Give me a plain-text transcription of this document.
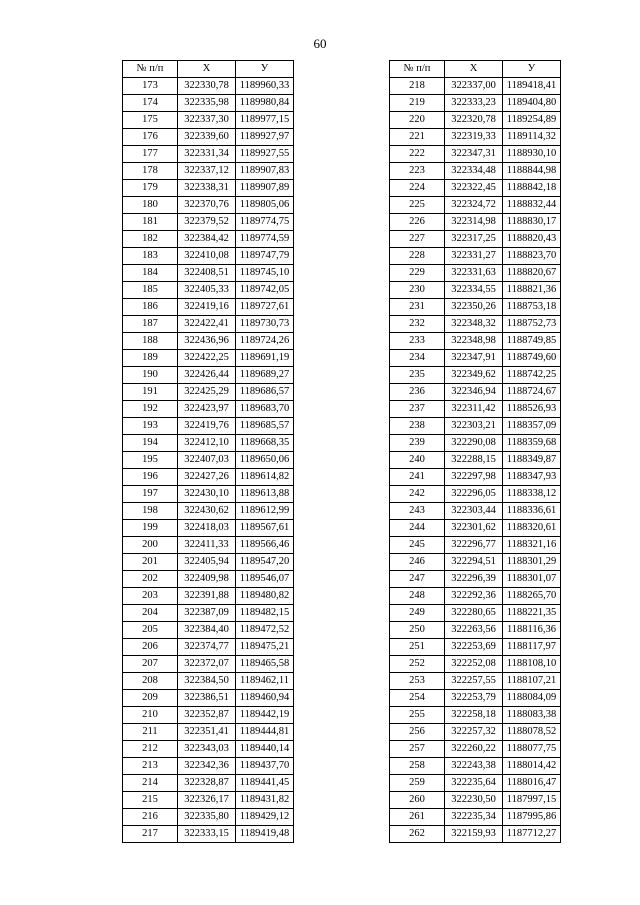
60
№ п/п	Х	У
173	322330,78	1189960,33
174	322335,98	1189980,84
175	322337,30	1189977,15
176	322339,60	1189927,97
177	322331,34	1189927,55
178	322337,12	1189907,83
179	322338,31	1189907,89
180	322370,76	1189805,06
181	322379,52	1189774,75
182	322384,42	1189774,59
183	322410,08	1189747,79
184	322408,51	1189745,10
185	322405,33	1189742,05
186	322419,16	1189727,61
187	322422,41	1189730,73
188	322436,96	1189724,26
189	322422,25	1189691,19
190	322426,44	1189689,27
191	322425,29	1189686,57
192	322423,97	1189683,70
193	322419,76	1189685,57
194	322412,10	1189668,35
195	322407,03	1189650,06
196	322427,26	1189614,82
197	322430,10	1189613,88
198	322430,62	1189612,99
199	322418,03	1189567,61
200	322411,33	1189566,46
201	322405,94	1189547,20
202	322409,98	1189546,07
203	322391,88	1189480,82
204	322387,09	1189482,15
205	322384,40	1189472,52
206	322374,77	1189475,21
207	322372,07	1189465,58
208	322384,50	1189462,11
209	322386,51	1189460,94
210	322352,87	1189442,19
211	322351,41	1189444,81
212	322343,03	1189440,14
213	322342,36	1189437,70
214	322328,87	1189441,45
215	322326,17	1189431,82
216	322335,80	1189429,12
217	322333,15	1189419,48
№ п/п	Х	У
218	322337,00	1189418,41
219	322333,23	1189404,80
220	322320,78	1189254,89
221	322319,33	1189114,32
222	322347,31	1188930,10
223	322334,48	1188844,98
224	322322,45	1188842,18
225	322324,72	1188832,44
226	322314,98	1188830,17
227	322317,25	1188820,43
228	322331,27	1188823,70
229	322331,63	1188820,67
230	322334,55	1188821,36
231	322350,26	1188753,18
232	322348,32	1188752,73
233	322348,98	1188749,85
234	322347,91	1188749,60
235	322349,62	1188742,25
236	322346,94	1188724,67
237	322311,42	1188526,93
238	322303,21	1188357,09
239	322290,08	1188359,68
240	322288,15	1188349,87
241	322297,98	1188347,93
242	322296,05	1188338,12
243	322303,44	1188336,61
244	322301,62	1188320,61
245	322296,77	1188321,16
246	322294,51	1188301,29
247	322296,39	1188301,07
248	322292,36	1188265,70
249	322280,65	1188221,35
250	322263,56	1188116,36
251	322253,69	1188117,97
252	322252,08	1188108,10
253	322257,55	1188107,21
254	322253,79	1188084,09
255	322258,18	1188083,38
256	322257,32	1188078,52
257	322260,22	1188077,75
258	322243,38	1188014,42
259	322235,64	1188016,47
260	322230,50	1187997,15
261	322235,34	1187995,86
262	322159,93	1187712,27
